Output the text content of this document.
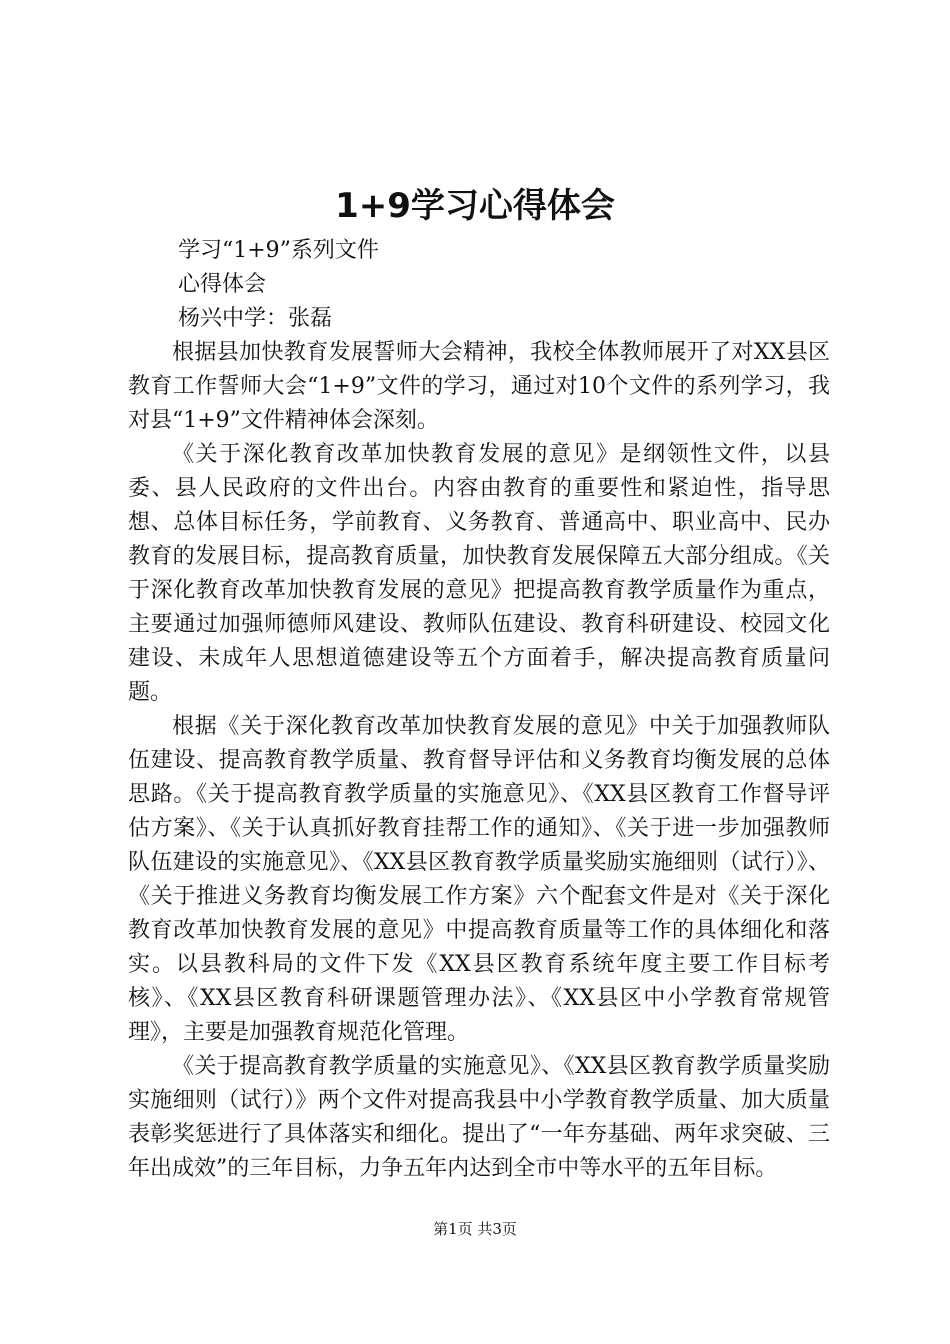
1+9学习心得体会

学习“1+9”系列文件

心得体会

杨兴中学：张磊

根据县加快教育发展誓师大会精神，我校全体教师展开了对XX县区教育工作誓师大会“1+9”文件的学习，通过对10个文件的系列学习，我对县“1+9”文件精神体会深刻。

《关于深化教育改革加快教育发展的意见》是纲领性文件，以县委、县人民政府的文件出台。内容由教育的重要性和紧迫性，指导思想、总体目标任务，学前教育、义务教育、普通高中、职业高中、民办教育的发展目标，提高教育质量，加快教育发展保障五大部分组成。《关于深化教育改革加快教育发展的意见》把提高教育教学质量作为重点，主要通过加强师德师风建设、教师队伍建设、教育科研建设、校园文化建设、未成年人思想道德建设等五个方面着手，解决提高教育质量问题。

根据《关于深化教育改革加快教育发展的意见》中关于加强教师队伍建设、提高教育教学质量、教育督导评估和义务教育均衡发展的总体思路。《关于提高教育教学质量的实施意见》、《XX县区教育工作督导评估方案》、《关于认真抓好教育挂帮工作的通知》、《关于进一步加强教师队伍建设的实施意见》、《XX县区教育教学质量奖励实施细则（试行）》、《关于推进义务教育均衡发展工作方案》六个配套文件是对《关于深化教育改革加快教育发展的意见》中提高教育质量等工作的具体细化和落实。以县教科局的文件下发《XX县区教育系统年度主要工作目标考核》、《XX县区教育科研课题管理办法》、《XX县区中小学教育常规管理》，主要是加强教育规范化管理。

《关于提高教育教学质量的实施意见》、《XX县区教育教学质量奖励实施细则（试行）》两个文件对提高我县中小学教育教学质量、加大质量表彰奖惩进行了具体落实和细化。提出了“一年夯基础、两年求突破、三年出成效”的三年目标，力争五年内达到全市中等水平的五年目标。

第1页 共3页
